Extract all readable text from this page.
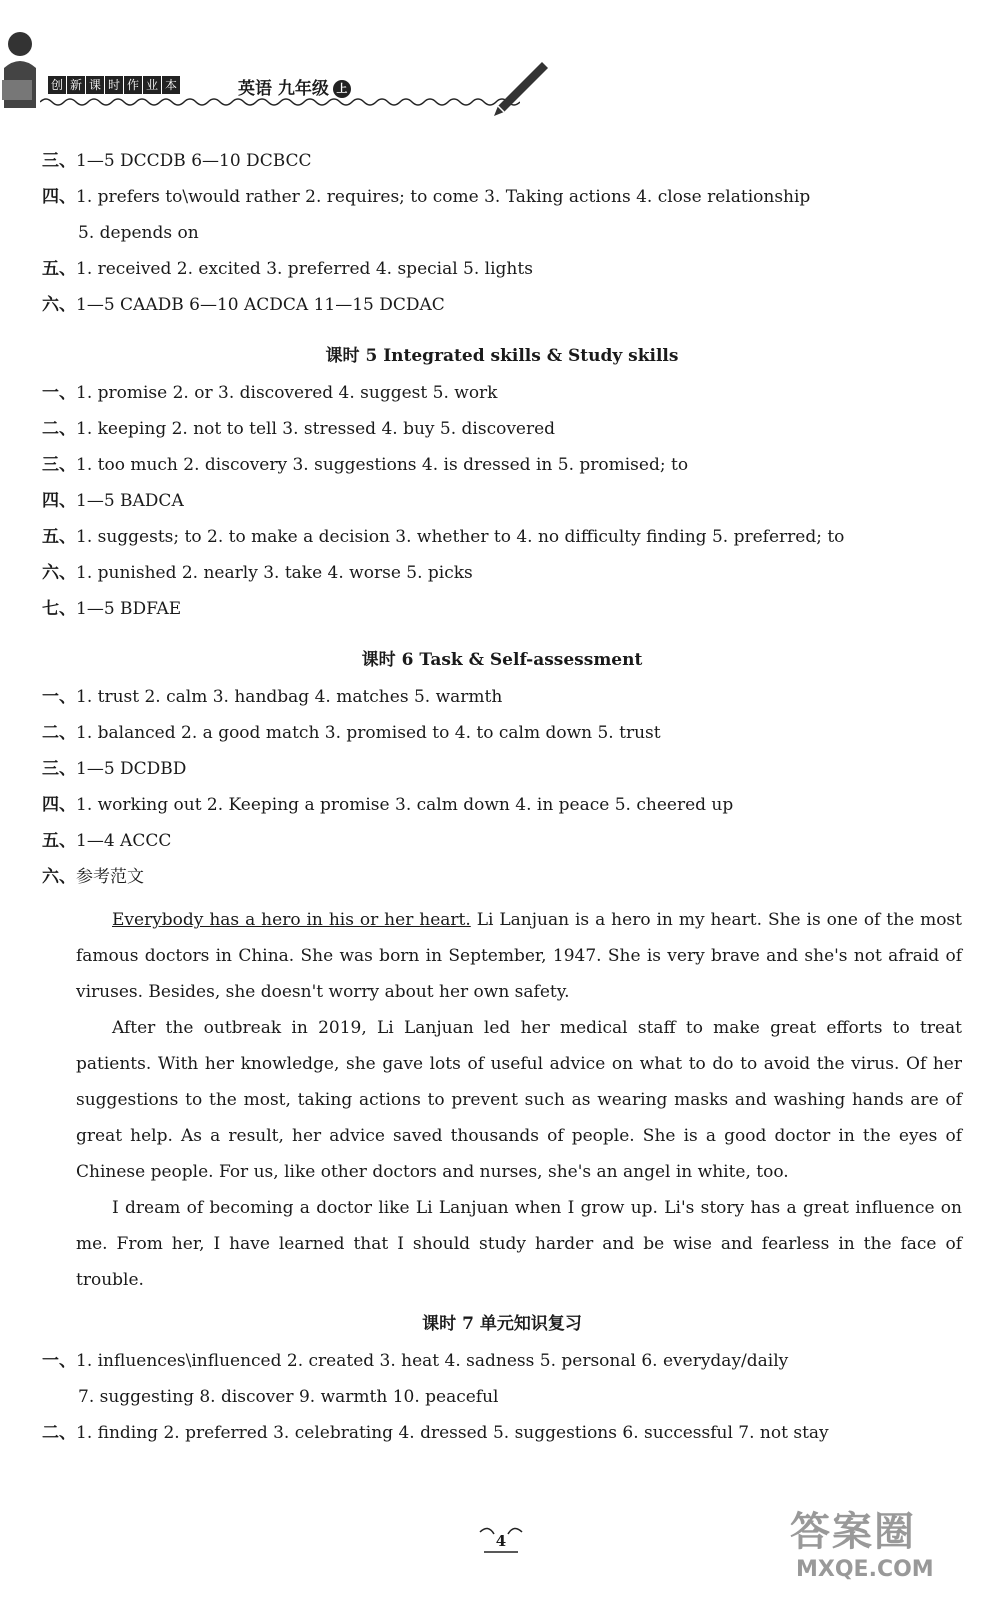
创 新 课 时 作 业 本	英语 九年级 上
三、1—5 DCCDB 6—10 DCBCC
四、1. prefers to\would rather 2. requires; to come 3. Taking actions 4. close relationship
5. depends on
五、1. received 2. excited 3. preferred 4. special 5. lights
六、1—5 CAADB 6—10 ACDCA 11—15 DCDAC
课时 5 Integrated skills & Study skills
一、1. promise 2. or 3. discovered 4. suggest 5. work
二、1. keeping 2. not to tell 3. stressed 4. buy 5. discovered
三、1. too much 2. discovery 3. suggestions 4. is dressed in 5. promised; to
四、1—5 BADCA
五、1. suggests; to 2. to make a decision 3. whether to 4. no difficulty finding 5. preferred; to
六、1. punished 2. nearly 3. take 4. worse 5. picks
七、1—5 BDFAE
课时 6 Task & Self-assessment
一、1. trust 2. calm 3. handbag 4. matches 5. warmth
二、1. balanced 2. a good match 3. promised to 4. to calm down 5. trust
三、1—5 DCDBD
四、1. working out 2. Keeping a promise 3. calm down 4. in peace 5. cheered up
五、1—4 ACCC
六、参考范文

Everybody has a hero in his or her heart. Li Lanjuan is a hero in my heart. She is one of the most famous doctors in China. She was born in September, 1947. She is very brave and she's not afraid of viruses. Besides, she doesn't worry about her own safety.

After the outbreak in 2019, Li Lanjuan led her medical staff to make great efforts to treat patients. With her knowledge, she gave lots of useful advice on what to do to avoid the virus. Of her suggestions to the most, taking actions to prevent such as wearing masks and washing hands are of great help. As a result, her advice saved thousands of people. She is a good doctor in the eyes of Chinese people. For us, like other doctors and nurses, she's an angel in white, too.

I dream of becoming a doctor like Li Lanjuan when I grow up. Li's story has a great influence on me. From her, I have learned that I should study harder and be wise and fearless in the face of trouble.

课时 7 单元知识复习
一、1. influences\influenced 2. created 3. heat 4. sadness 5. personal 6. everyday/daily
7. suggesting 8. discover 9. warmth 10. peaceful
二、1. finding 2. preferred 3. celebrating 4. dressed 5. suggestions 6. successful 7. not stay
4	答案圈
MXQE.COM
